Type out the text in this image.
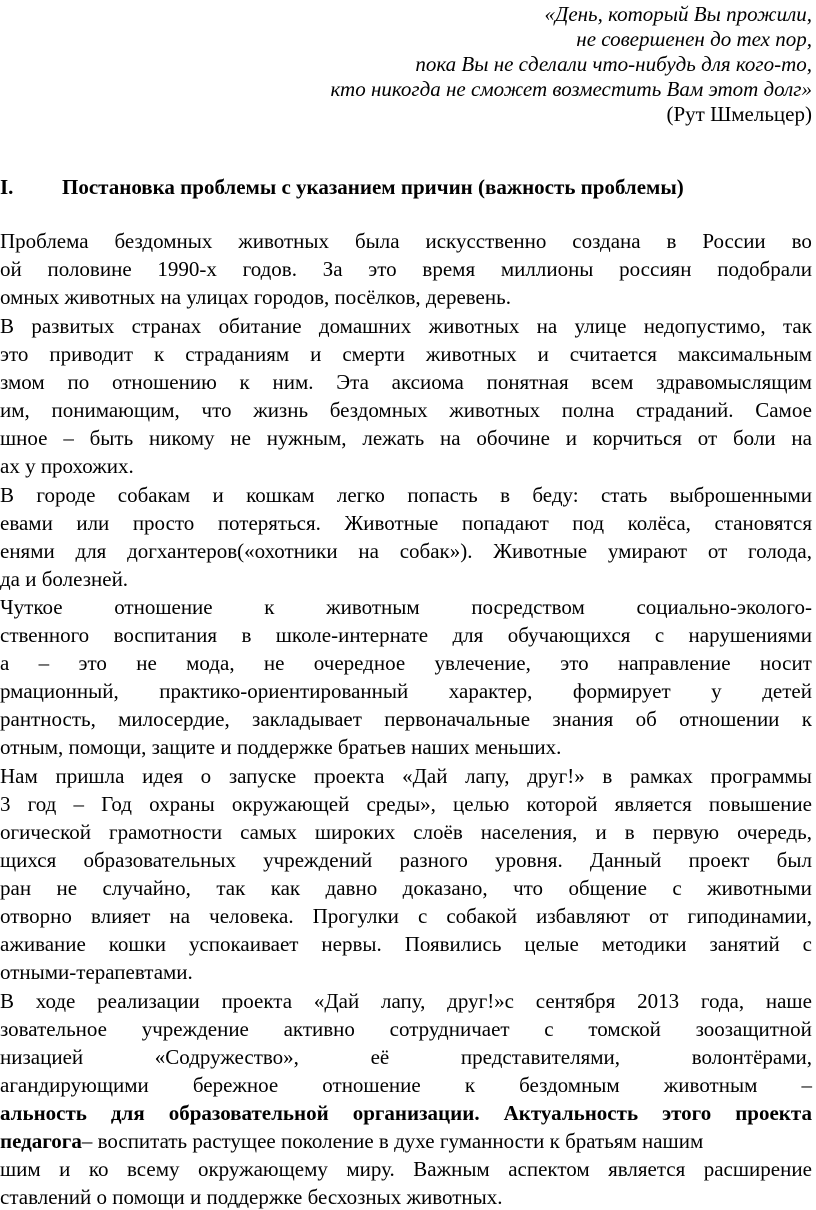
«День, который Вы прожили,
не совершенен до тех пор,
пока Вы не сделали что-нибудь для кого-то,
кто никогда не сможет возместить Вам этот долг»
(Рут Шмельцер)
I. Постановка проблемы с указанием причин (важность проблемы)
Проблема бездомных животных была искусственно создана в России во
ой половине 1990-х годов. За это время миллионы россиян подобрали
омных животных на улицах городов, посёлков, деревень.
В развитых странах обитание домашних животных на улице недопустимо, так
это приводит к страданиям и смерти животных и считается максимальным
змом по отношению к ним. Эта аксиома понятная всем здравомыслящим
им, понимающим, что жизнь бездомных животных полна страданий. Самое
шное – быть никому не нужным, лежать на обочине и корчиться от боли на
ах у прохожих.
В городе собакам и кошкам легко попасть в беду: стать выброшенными
евами или просто потеряться. Животные попадают под колёса, становятся
енями для догхантеров(«охотники на собак»). Животные умирают от голода,
да и болезней.
Чуткое отношение к животным посредством социально-эколого-
ственного воспитания в школе-интернате для обучающихся с нарушениями
а – это не мода, не очередное увлечение, это направление носит
рмационный, практико-ориентированный характер, формирует у детей
рантность, милосердие, закладывает первоначальные знания об отношении к
отным, помощи, защите и поддержке братьев наших меньших.
Нам пришла идея о запуске проекта «Дай лапу, друг!» в рамках программы
3 год – Год охраны окружающей среды», целью которой является повышение
огической грамотности самых широких слоёв населения, и в первую очередь,
щихся образовательных учреждений разного уровня. Данный проект был
ран не случайно, так как давно доказано, что общение с животными
отворно влияет на человека. Прогулки с собакой избавляют от гиподинамии,
аживание кошки успокаивает нервы. Появились целые методики занятий с
отными-терапевтами.
В ходе реализации проекта «Дай лапу, друг!»с сентября 2013 года, наше
зовательное учреждение активно сотрудничает с томской зоозащитной
низацией	«Содружество»,	её	представителями,	волонтёрами,
агандирующими бережное отношение к бездомным животным –
альность для образовательной организации. Актуальность этого проекта
педагога– воспитать растущее поколение в духе гуманности к братьям нашим
шим и ко всему окружающему миру. Важным аспектом является расширение
ставлений о помощи и поддержке бесхозных животных.
